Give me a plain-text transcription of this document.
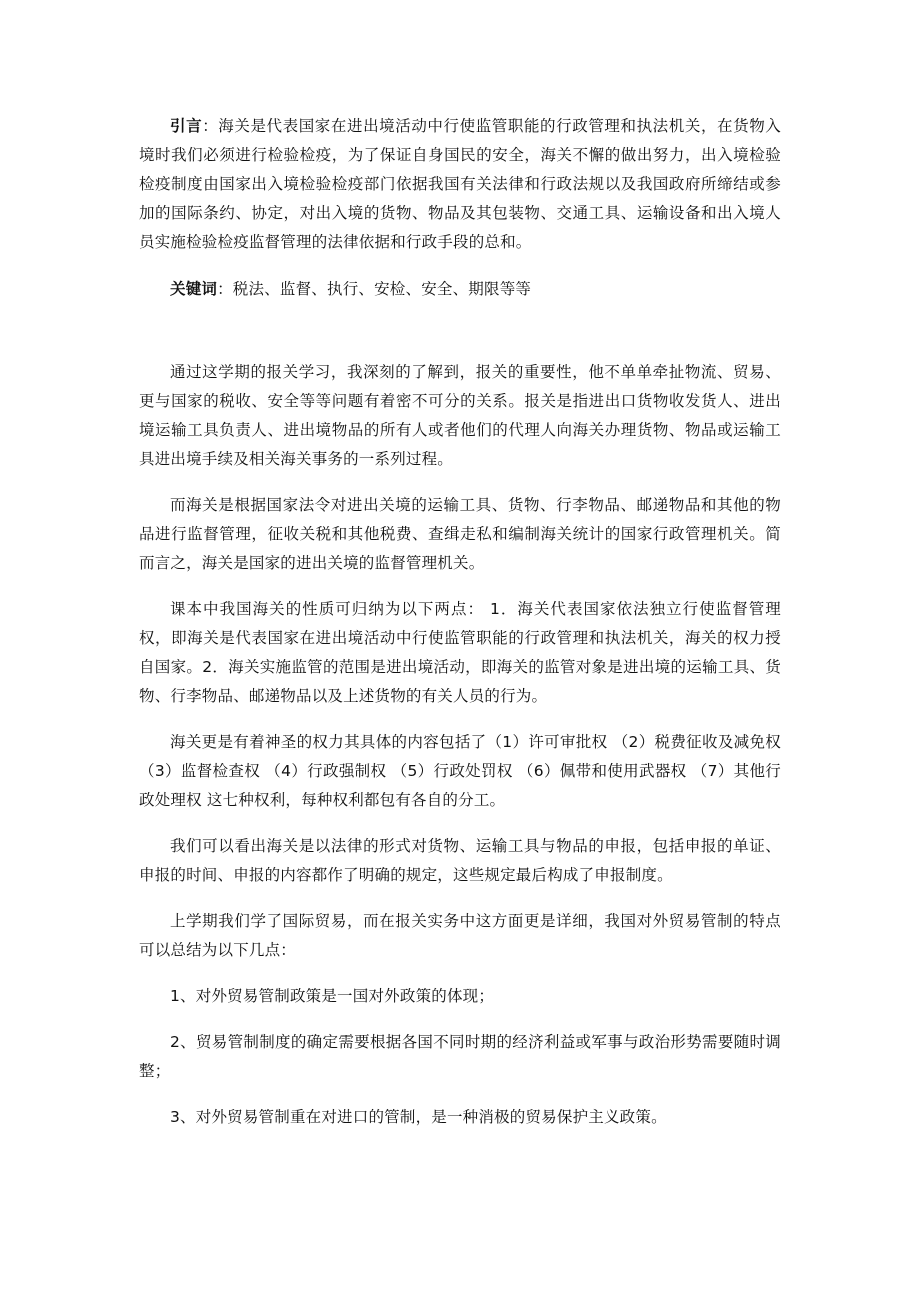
引言：海关是代表国家在进出境活动中行使监管职能的行政管理和执法机关，在货物入境时我们必须进行检验检疫，为了保证自身国民的安全，海关不懈的做出努力，出入境检验检疫制度由国家出入境检验检疫部门依据我国有关法律和行政法规以及我国政府所缔结或参加的国际条约、协定，对出入境的货物、物品及其包装物、交通工具、运输设备和出入境人员实施检验检疫监督管理的法律依据和行政手段的总和。

关键词：税法、监督、执行、安检、安全、期限等等

通过这学期的报关学习，我深刻的了解到，报关的重要性，他不单单牵扯物流、贸易、更与国家的税收、安全等等问题有着密不可分的关系。报关是指进出口货物收发货人、进出境运输工具负责人、进出境物品的所有人或者他们的代理人向海关办理货物、物品或运输工具进出境手续及相关海关事务的一系列过程。

而海关是根据国家法令对进出关境的运输工具、货物、行李物品、邮递物品和其他的物品进行监督管理，征收关税和其他税费、查缉走私和编制海关统计的国家行政管理机关。简而言之，海关是国家的进出关境的监督管理机关。

课本中我国海关的性质可归纳为以下两点： 1．海关代表国家依法独立行使监督管理权，即海关是代表国家在进出境活动中行使监管职能的行政管理和执法机关，海关的权力授自国家。2．海关实施监管的范围是进出境活动，即海关的监管对象是进出境的运输工具、货物、行李物品、邮递物品以及上述货物的有关人员的行为。

海关更是有着神圣的权力其具体的内容包括了（1）许可审批权 （2）税费征收及减免权 （3）监督检查权 （4）行政强制权 （5）行政处罚权 （6）佩带和使用武器权 （7）其他行政处理权 这七种权利，每种权利都包有各自的分工。

我们可以看出海关是以法律的形式对货物、运输工具与物品的申报，包括申报的单证、申报的时间、申报的内容都作了明确的规定，这些规定最后构成了申报制度。

上学期我们学了国际贸易，而在报关实务中这方面更是详细，我国对外贸易管制的特点可以总结为以下几点：

1、对外贸易管制政策是一国对外政策的体现；

2、贸易管制制度的确定需要根据各国不同时期的经济利益或军事与政治形势需要随时调整；

3、对外贸易管制重在对进口的管制，是一种消极的贸易保护主义政策。
